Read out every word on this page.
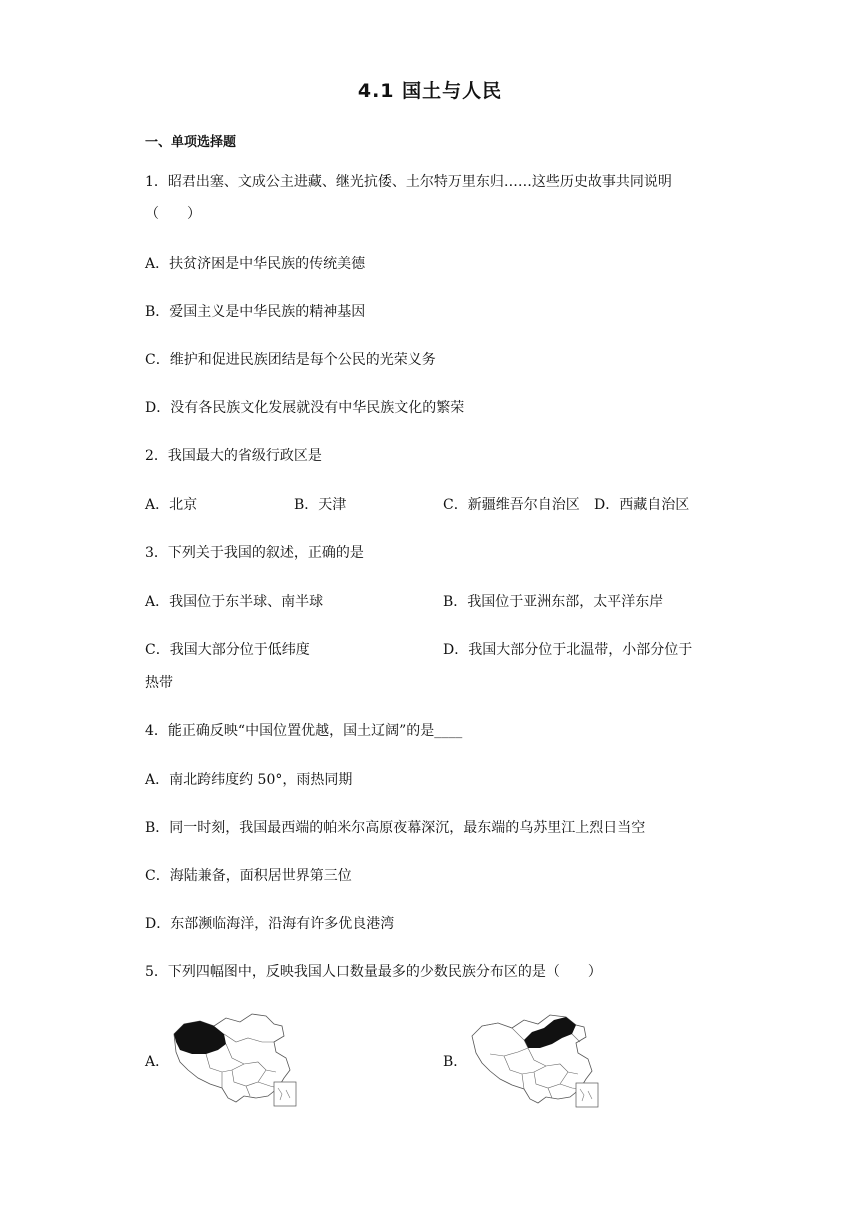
4.1 国土与人民
一、单项选择题
1．昭君出塞、文成公主进藏、继光抗倭、土尔特万里东归……这些历史故事共同说明
（　　）
A．扶贫济困是中华民族的传统美德
B．爱国主义是中华民族的精神基因
C．维护和促进民族团结是每个公民的光荣义务
D．没有各民族文化发展就没有中华民族文化的繁荣
2．我国最大的省级行政区是
A．北京	B．天津	C．新疆维吾尔自治区 D．西藏自治区
3．下列关于我国的叙述，正确的是
A．我国位于东半球、南半球	B．我国位于亚洲东部，太平洋东岸
C．我国大部分位于低纬度	D．我国大部分位于北温带，小部分位于
热带
4．能正确反映“中国位置优越，国土辽阔”的是____
A．南北跨纬度约 50°，雨热同期
B．同一时刻，我国最西端的帕米尔高原夜幕深沉，最东端的乌苏里江上烈日当空
C．海陆兼备，面积居世界第三位
D．东部濒临海洋，沿海有许多优良港湾
5．下列四幅图中，反映我国人口数量最多的少数民族分布区的是（　　）
A．	B．
